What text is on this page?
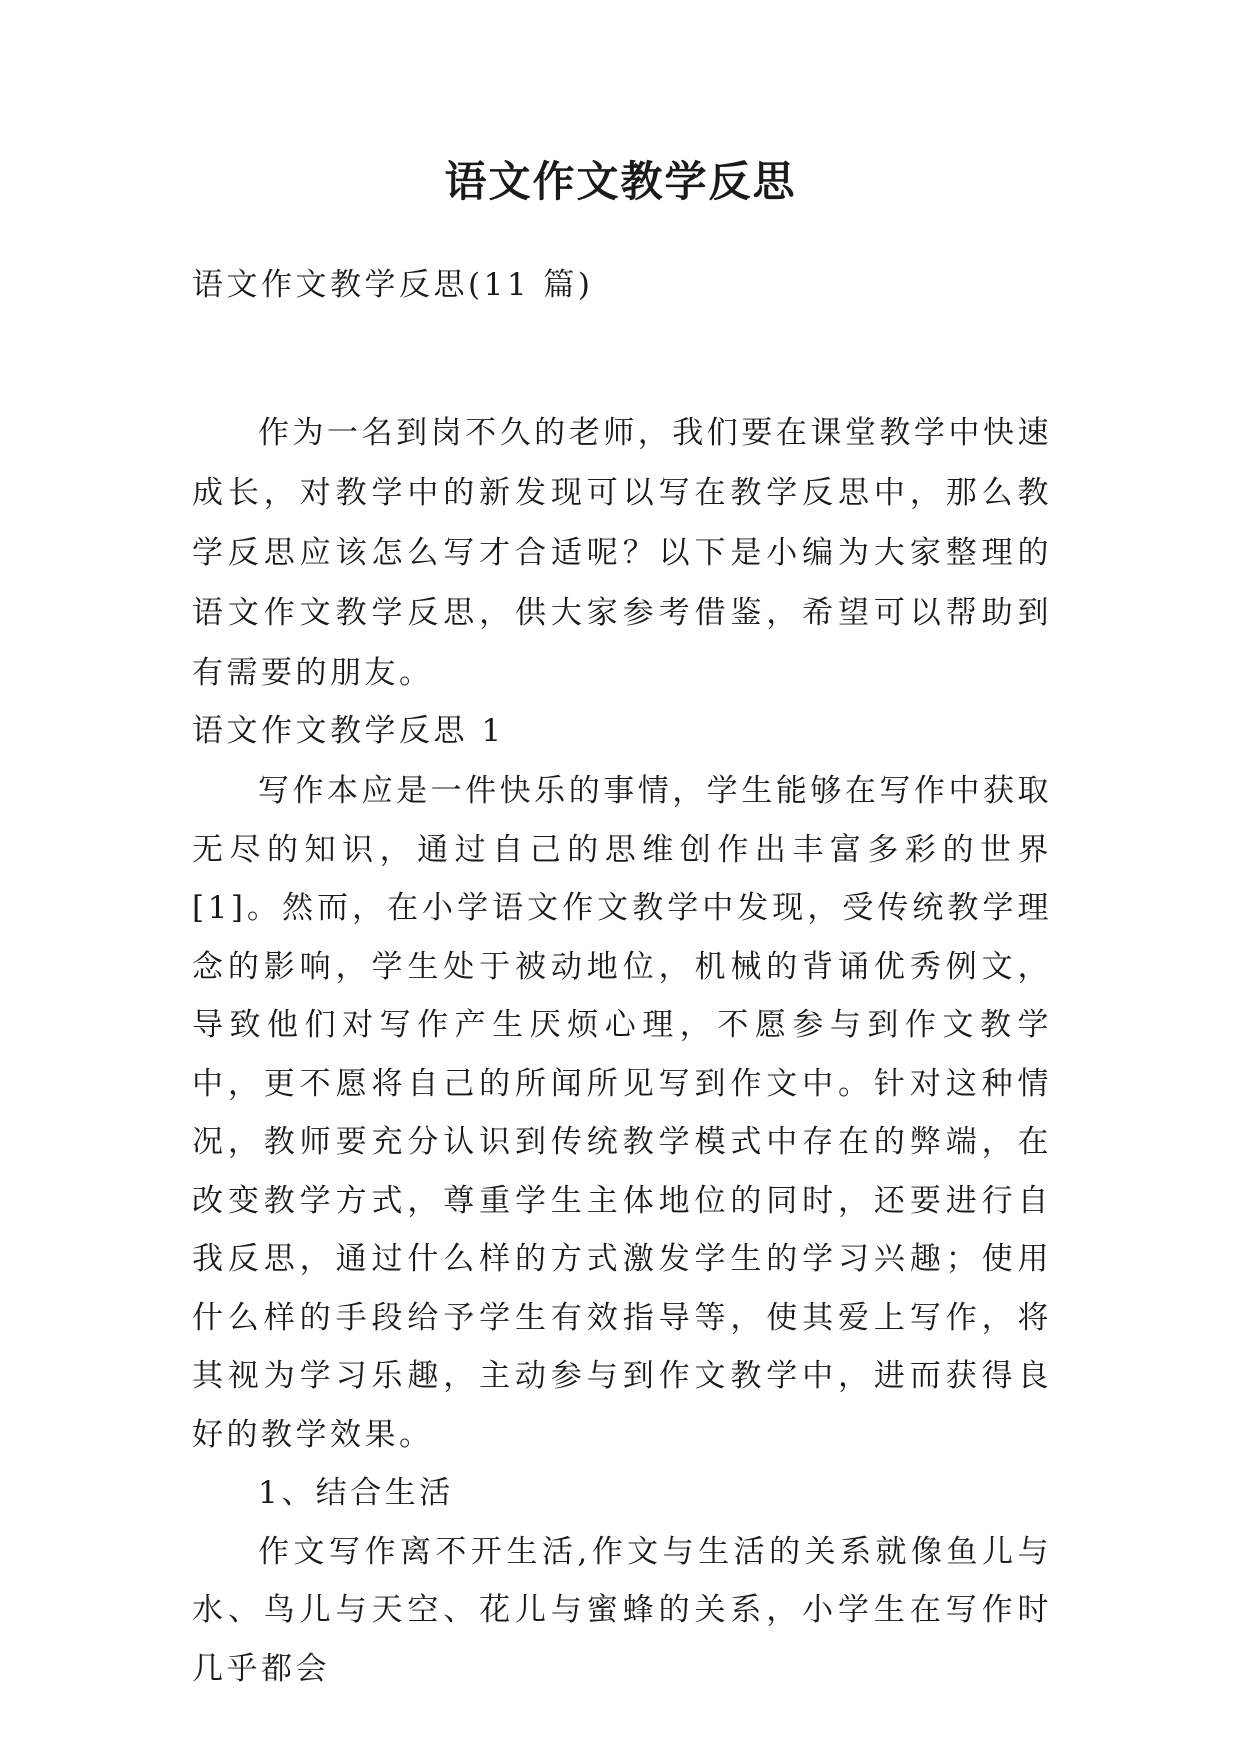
语文作文教学反思
语文作文教学反思(11 篇)
作为一名到岗不久的老师，我们要在课堂教学中快速成长，对教学中的新发现可以写在教学反思中，那么教学反思应该怎么写才合适呢？以下是小编为大家整理的语文作文教学反思，供大家参考借鉴，希望可以帮助到有需要的朋友。
语文作文教学反思 1

写作本应是一件快乐的事情，学生能够在写作中获取无尽的知识，通过自己的思维创作出丰富多彩的世界[1]。然而，在小学语文作文教学中发现，受传统教学理念的影响，学生处于被动地位，机械的背诵优秀例文，导致他们对写作产生厌烦心理，不愿参与到作文教学中，更不愿将自己的所闻所见写到作文中。针对这种情况，教师要充分认识到传统教学模式中存在的弊端，在改变教学方式，尊重学生主体地位的同时，还要进行自我反思，通过什么样的方式激发学生的学习兴趣；使用什么样的手段给予学生有效指导等，使其爱上写作，将其视为学习乐趣，主动参与到作文教学中，进而获得良好的教学效果。

1、结合生活

作文写作离不开生活,作文与生活的关系就像鱼儿与水、鸟儿与天空、花儿与蜜蜂的关系，小学生在写作时几乎都会
